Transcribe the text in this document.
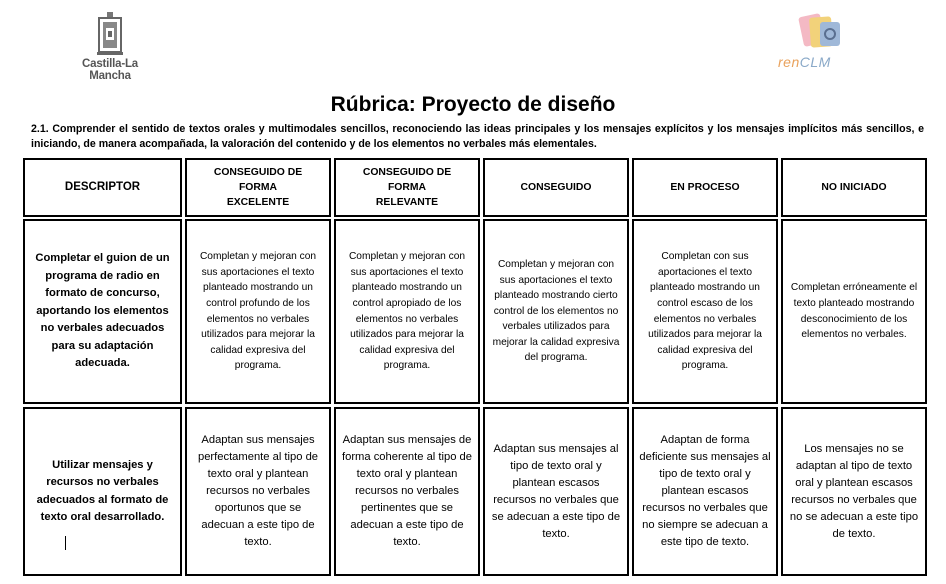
Castilla-La Mancha
renCLM
Rúbrica: Proyecto de diseño
2.1. Comprender el sentido de textos orales y multimodales sencillos, reconociendo las ideas principales y los mensajes explícitos y los mensajes implícitos más sencillos, e iniciando, de manera acompañada, la valoración del contenido y de los elementos no verbales más elementales.
DESCRIPTOR
CONSEGUIDO DE
FORMA
EXCELENTE
CONSEGUIDO DE
FORMA
RELEVANTE
CONSEGUIDO	EN PROCESO	NO INICIADO
Completar el guion de un programa de radio en formato de concurso, aportando los elementos no verbales adecuados para su adaptación adecuada.
Completan y mejoran con sus aportaciones el texto planteado mostrando un control profundo de los elementos no verbales utilizados para mejorar la calidad expresiva del programa.
Completan y mejoran con sus aportaciones el texto planteado mostrando un control apropiado de los elementos no verbales utilizados para mejorar la calidad expresiva del programa.
Completan y mejoran con sus aportaciones el texto planteado mostrando cierto control de los elementos no verbales utilizados para mejorar la calidad expresiva del programa.
Completan con sus aportaciones el texto planteado mostrando un control escaso de los elementos no verbales utilizados para mejorar la calidad expresiva del programa.
Completan erróneamente el texto planteado mostrando desconocimiento de los elementos no verbales.
Utilizar mensajes y recursos no verbales adecuados al formato de texto oral desarrollado.
Adaptan sus mensajes perfectamente al tipo de texto oral y plantean recursos no verbales oportunos que se adecuan a este tipo de texto.
Adaptan sus mensajes de forma coherente al tipo de texto oral y plantean recursos no verbales pertinentes que se adecuan a este tipo de texto.
Adaptan sus mensajes al tipo de texto oral y plantean escasos recursos no verbales que se adecuan a este tipo de texto.
Adaptan de forma deficiente sus mensajes al tipo de texto oral y plantean escasos recursos no verbales que no siempre se adecuan a este tipo de texto.
Los mensajes no se adaptan al tipo de texto oral y plantean escasos recursos no verbales que no se adecuan a este tipo de texto.
